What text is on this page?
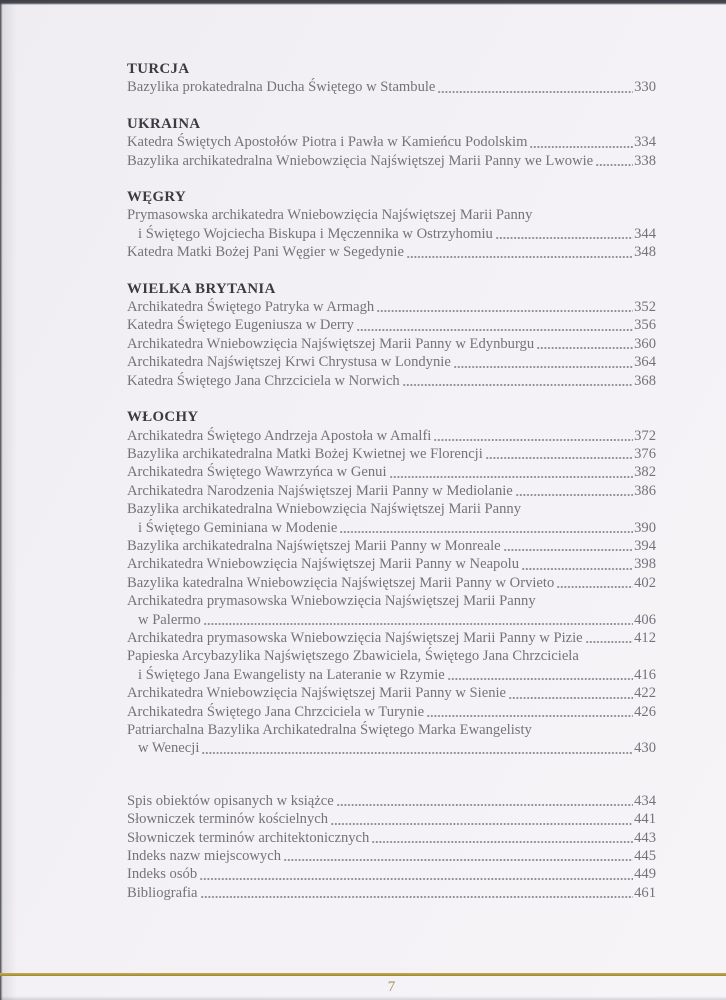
TURCJA
Bazylika prokatedralna Ducha Świętego w Stambule	330
UKRAINA
Katedra Świętych Apostołów Piotra i Pawła w Kamieńcu Podolskim	334
Bazylika archikatedralna Wniebowzięcia Najświętszej Marii Panny we Lwowie	338
WĘGRY
Prymasowska archikatedra Wniebowzięcia Najświętszej Marii Panny
i Świętego Wojciecha Biskupa i Męczennika w Ostrzyhomiu	344
Katedra Matki Bożej Pani Węgier w Segedynie	348
WIELKA BRYTANIA
Archikatedra Świętego Patryka w Armagh	352
Katedra Świętego Eugeniusza w Derry	356
Archikatedra Wniebowzięcia Najświętszej Marii Panny w Edynburgu	360
Archikatedra Najświętszej Krwi Chrystusa w Londynie	364
Katedra Świętego Jana Chrzciciela w Norwich	368
WŁOCHY
Archikatedra Świętego Andrzeja Apostoła w Amalfi	372
Bazylika archikatedralna Matki Bożej Kwietnej we Florencji	376
Archikatedra Świętego Wawrzyńca w Genui	382
Archikatedra Narodzenia Najświętszej Marii Panny w Mediolanie	386
Bazylika archikatedralna Wniebowzięcia Najświętszej Marii Panny
i Świętego Geminiana w Modenie	390
Bazylika archikatedralna Najświętszej Marii Panny w Monreale	394
Archikatedra Wniebowzięcia Najświętszej Marii Panny w Neapolu	398
Bazylika katedralna Wniebowzięcia Najświętszej Marii Panny w Orvieto	402
Archikatedra prymasowska Wniebowzięcia Najświętszej Marii Panny
w Palermo	406
Archikatedra prymasowska Wniebowzięcia Najświętszej Marii Panny w Pizie	412
Papieska Arcybazylika Najświętszego Zbawiciela, Świętego Jana Chrzciciela
i Świętego Jana Ewangelisty na Lateranie w Rzymie	416
Archikatedra Wniebowzięcia Najświętszej Marii Panny w Sienie	422
Archikatedra Świętego Jana Chrzciciela w Turynie	426
Patriarchalna Bazylika Archikatedralna Świętego Marka Ewangelisty
w Wenecji	430
Spis obiektów opisanych w książce	434
Słowniczek terminów kościelnych	441
Słowniczek terminów architektonicznych	443
Indeks nazw miejscowych	445
Indeks osób	449
Bibliografia	461
7
